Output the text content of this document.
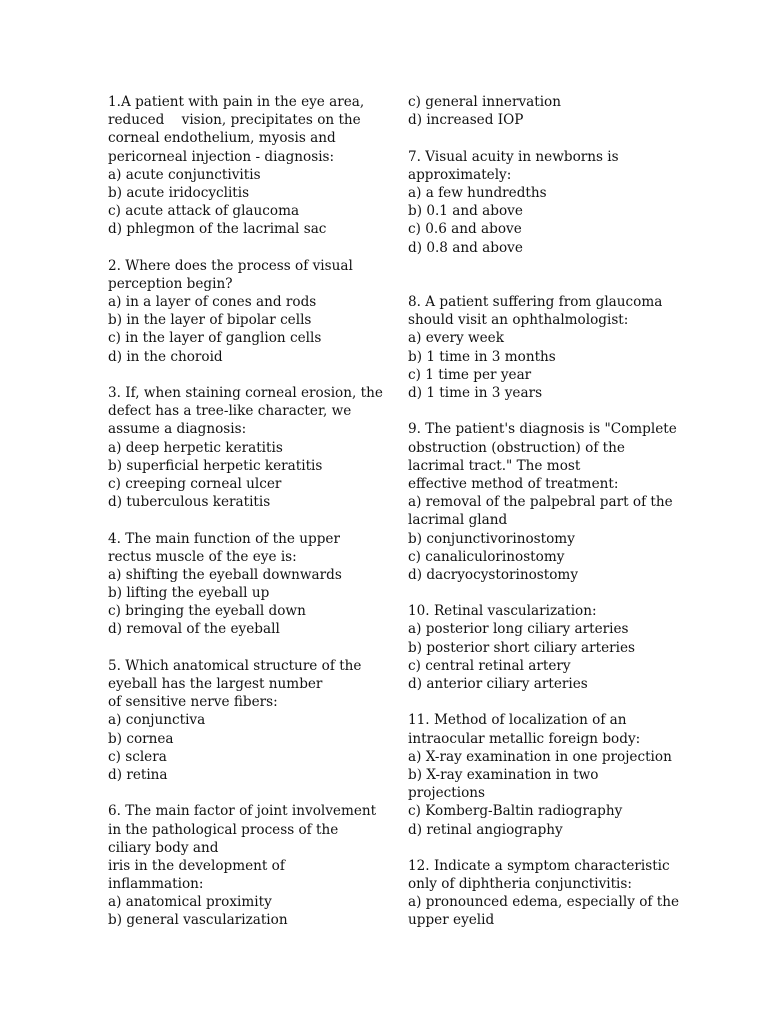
1.A patient with pain in the eye area,
reduced    vision, precipitates on the
corneal endothelium, myosis and
pericorneal injection - diagnosis:
a) acute conjunctivitis
b) acute iridocyclitis
c) acute attack of glaucoma
d) phlegmon of the lacrimal sac
2. Where does the process of visual
perception begin?
a) in a layer of cones and rods
b) in the layer of bipolar cells
c) in the layer of ganglion cells
d) in the choroid
3. If, when staining corneal erosion, the
defect has a tree-like character, we
assume a diagnosis:
a) deep herpetic keratitis
b) superficial herpetic keratitis
c) creeping corneal ulcer
d) tuberculous keratitis
4. The main function of the upper
rectus muscle of the eye is:
a) shifting the eyeball downwards
b) lifting the eyeball up
c) bringing the eyeball down
d) removal of the eyeball
5. Which anatomical structure of the
eyeball has the largest number
of sensitive nerve fibers:
a) conjunctiva
b) cornea
c) sclera
d) retina
6. The main factor of joint involvement
in the pathological process of the
ciliary body and
iris in the development of
inflammation:
a) anatomical proximity
b) general vascularization
c) general innervation
d) increased IOP
7. Visual acuity in newborns is
approximately:
a) a few hundredths
b) 0.1 and above
c) 0.6 and above
d) 0.8 and above
8. A patient suffering from glaucoma
should visit an ophthalmologist:
a) every week
b) 1 time in 3 months
c) 1 time per year
d) 1 time in 3 years
9. The patient's diagnosis is "Complete
obstruction (obstruction) of the
lacrimal tract." The most
effective method of treatment:
a) removal of the palpebral part of the
lacrimal gland
b) conjunctivorinostomy
c) canaliculorinostomy
d) dacryocystorinostomy
10. Retinal vascularization:
a) posterior long ciliary arteries
b) posterior short ciliary arteries
c) central retinal artery
d) anterior ciliary arteries
11. Method of localization of an
intraocular metallic foreign body:
a) X-ray examination in one projection
b) X-ray examination in two
projections
c) Komberg-Baltin radiography
d) retinal angiography
12. Indicate a symptom characteristic
only of diphtheria conjunctivitis:
a) pronounced edema, especially of the
upper eyelid
